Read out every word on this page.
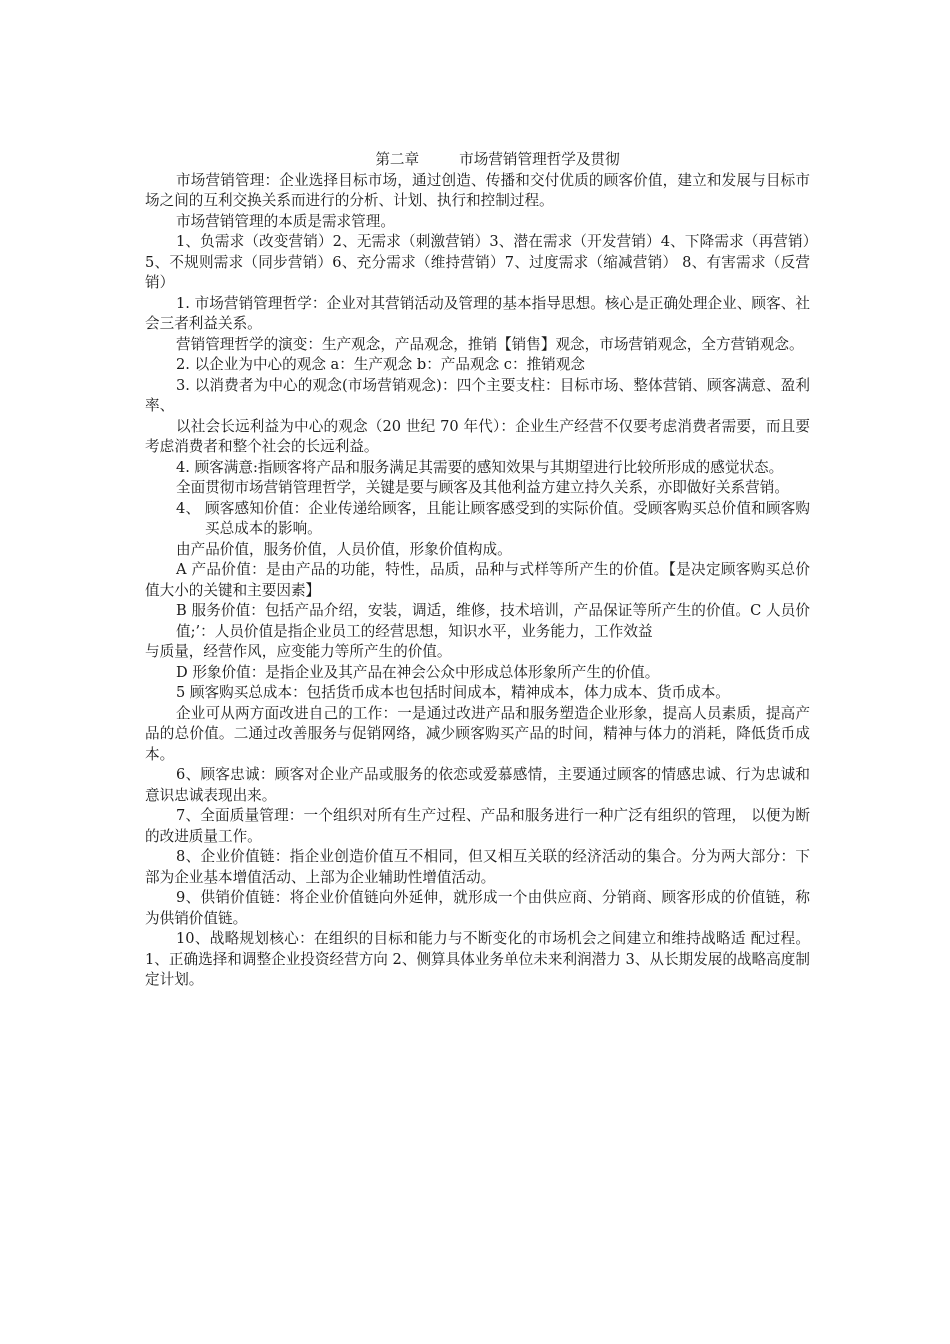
第二章	市场营销管理哲学及贯彻

市场营销管理：企业选择目标市场，通过创造、传播和交付优质的顾客价值，建立和发展与目标市场之间的互利交换关系而进行的分析、计划、执行和控制过程。

市场营销管理的本质是需求管理。

1、负需求（改变营销）2、无需求（刺激营销）3、潜在需求（开发营销）4、下降需求（再营销）5、不规则需求（同步营销）6、充分需求（维持营销）7、过度需求（缩减营销） 8、有害需求（反营销）

1. 市场营销管理哲学：企业对其营销活动及管理的基本指导思想。核心是正确处理企业、顾客、社会三者利益关系。

营销管理哲学的演变：生产观念，产品观念，推销【销售】观念，市场营销观念，全方营销观念。

2. 以企业为中心的观念 a：生产观念 b：产品观念 c：推销观念

3. 以消费者为中心的观念(市场营销观念)：四个主要支柱：目标市场、整体营销、顾客满意、盈利率、

以社会长远利益为中心的观念（20 世纪 70 年代）：企业生产经营不仅要考虑消费者需要，而且要考虑消费者和整个社会的长远利益。

4. 顾客满意:指顾客将产品和服务满足其需要的感知效果与其期望进行比较所形成的感觉状态。

全面贯彻市场营销管理哲学，关键是要与顾客及其他利益方建立持久关系，亦即做好关系营销。

4、 顾客感知价值：企业传递给顾客，且能让顾客感受到的实际价值。受顾客购买总价值和顾客购买总成本的影响。

由产品价值，服务价值，人员价值，形象价值构成。

A 产品价值：是由产品的功能，特性，品质，品种与式样等所产生的价值。【是决定顾客购买总价值大小的关键和主要因素】

B 服务价值：包括产品介绍，安装，调适，维修，技术培训，产品保证等所产生的价值。C 人员价值;’：人员价值是指企业员工的经营思想，知识水平，业务能力，工作效益

与质量，经营作风，应变能力等所产生的价值。

D 形象价值：是指企业及其产品在神会公众中形成总体形象所产生的价值。

5 顾客购买总成本：包括货币成本也包括时间成本，精神成本，体力成本、货币成本。

企业可从两方面改进自己的工作：一是通过改进产品和服务塑造企业形象，提高人员素质，提高产品的总价值。二通过改善服务与促销网络，减少顾客购买产品的时间，精神与体力的消耗，降低货币成本。

6、顾客忠诚：顾客对企业产品或服务的依恋或爱慕感情，主要通过顾客的情感忠诚、行为忠诚和意识忠诚表现出来。

7、全面质量管理：一个组织对所有生产过程、产品和服务进行一种广泛有组织的管理， 以便为断的改进质量工作。

8、企业价值链：指企业创造价值互不相同，但又相互关联的经济活动的集合。分为两大部分：下部为企业基本增值活动、上部为企业辅助性增值活动。

9、供销价值链：将企业价值链向外延伸，就形成一个由供应商、分销商、顾客形成的价值链，称为供销价值链。

10、战略规划核心：在组织的目标和能力与不断变化的市场机会之间建立和维持战略适 配过程。 1、正确选择和调整企业投资经营方向 2、侧算具体业务单位未来利润潜力 3、从长期发展的战略高度制定计划。
